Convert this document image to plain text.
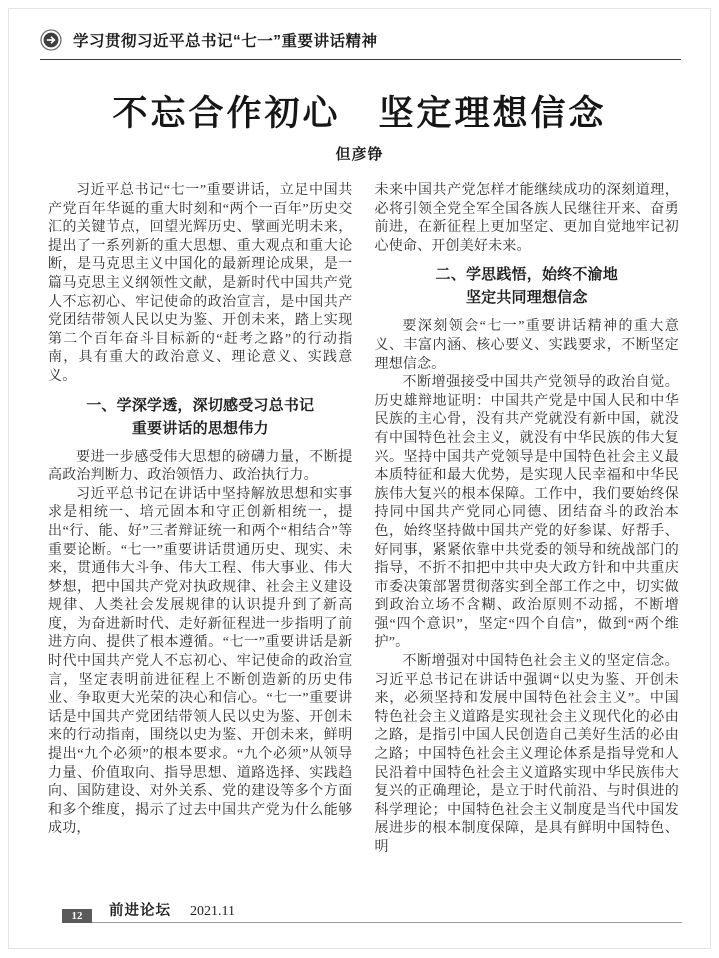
学习贯彻习近平总书记“七一”重要讲话精神
不忘合作初心　坚定理想信念
但彦铮

习近平总书记“七一”重要讲话，立足中国共产党百年华诞的重大时刻和“两个一百年”历史交汇的关键节点，回望光辉历史、擘画光明未来，提出了一系列新的重大思想、重大观点和重大论断，是马克思主义中国化的最新理论成果，是一篇马克思主义纲领性文献，是新时代中国共产党人不忘初心、牢记使命的政治宣言，是中国共产党团结带领人民以史为鉴、开创未来，踏上实现第二个百年奋斗目标新的“赶考之路”的行动指南，具有重大的政治意义、理论意义、实践意义。

一、学深学透，深切感受习总书记
重要讲话的思想伟力

要进一步感受伟大思想的磅礴力量，不断提高政治判断力、政治领悟力、政治执行力。

习近平总书记在讲话中坚持解放思想和实事求是相统一、培元固本和守正创新相统一，提出“行、能、好”三者辩证统一和两个“相结合”等重要论断。“七一”重要讲话贯通历史、现实、未来，贯通伟大斗争、伟大工程、伟大事业、伟大梦想，把中国共产党对执政规律、社会主义建设规律、人类社会发展规律的认识提升到了新高度，为奋进新时代、走好新征程进一步指明了前进方向、提供了根本遵循。“七一”重要讲话是新时代中国共产党人不忘初心、牢记使命的政治宣言，坚定表明前进征程上不断创造新的历史伟业、争取更大光荣的决心和信心。“七一”重要讲话是中国共产党团结带领人民以史为鉴、开创未来的行动指南，围绕以史为鉴、开创未来，鲜明提出“九个必须”的根本要求。“九个必须”从领导力量、价值取向、指导思想、道路选择、实践趋向、国防建设、对外关系、党的建设等多个方面和多个维度，揭示了过去中国共产党为什么能够成功，

未来中国共产党怎样才能继续成功的深刻道理，必将引领全党全军全国各族人民继往开来、奋勇前进，在新征程上更加坚定、更加自觉地牢记初心使命、开创美好未来。

二、学思践悟，始终不渝地
坚定共同理想信念

要深刻领会“七一”重要讲话精神的重大意义、丰富内涵、核心要义、实践要求，不断坚定理想信念。

不断增强接受中国共产党领导的政治自觉。历史雄辩地证明：中国共产党是中国人民和中华民族的主心骨，没有共产党就没有新中国，就没有中国特色社会主义，就没有中华民族的伟大复兴。坚持中国共产党领导是中国特色社会主义最本质特征和最大优势，是实现人民幸福和中华民族伟大复兴的根本保障。工作中，我们要始终保持同中国共产党同心同德、团结奋斗的政治本色，始终坚持做中国共产党的好参谋、好帮手、好同事，紧紧依靠中共党委的领导和统战部门的指导，不折不扣把中共中央大政方针和中共重庆市委决策部署贯彻落实到全部工作之中，切实做到政治立场不含糊、政治原则不动摇，不断增强“四个意识”，坚定“四个自信”，做到“两个维护”。

不断增强对中国特色社会主义的坚定信念。习近平总书记在讲话中强调“以史为鉴、开创未来，必须坚持和发展中国特色社会主义”。中国特色社会主义道路是实现社会主义现代化的必由之路，是指引中国人民创造自己美好生活的必由之路；中国特色社会主义理论体系是指导党和人民沿着中国特色社会主义道路实现中华民族伟大复兴的正确理论，是立于时代前沿、与时俱进的科学理论；中国特色社会主义制度是当代中国发展进步的根本制度保障，是具有鲜明中国特色、明

12	前进论坛 2021.11
